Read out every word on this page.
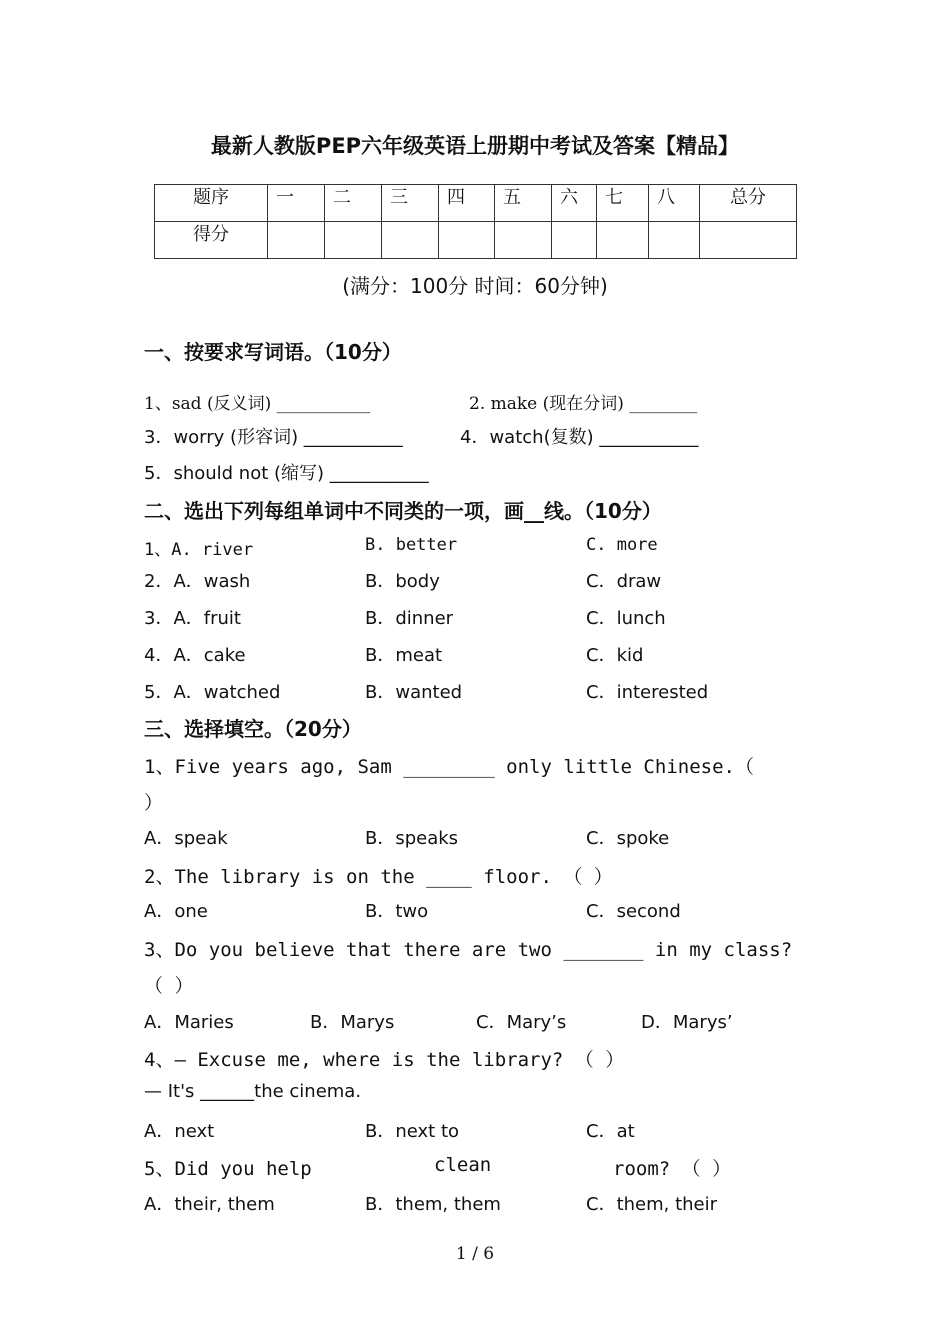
最新人教版PEP六年级英语上册期中考试及答案【精品】
题序	一	二	三	四	五	六	七	八	总分
得分									
(满分：100分 时间：60分钟)
一、按要求写词语。（10分）
1、sad (反义词) ___________	2. make (现在分词) ________
3．worry (形容词) ___________	4．watch(复数) ___________
5．should not (缩写) ___________
二、选出下列每组单词中不同类的一项，画__线。（10分）
1、A. river	B. better	C. more
2．A．wash	B．body	C．draw
3．A．fruit	B．dinner	C．lunch
4．A．cake	B．meat	C．kid
5．A．watched	B．wanted	C．interested
三、选择填空。（20分）
1、Five years ago, Sam ________ only little Chinese.（
）
A．speak	B．speaks	C．spoke
2、The library is on the ____ floor. （ ）
A．one	B．two	C．second
3、Do you believe that there are two _______ in my class?
（ ）
A．Maries	B．Marys	C．Mary’s	D．Marys’
4、— Excuse me, where is the library? （ ）
— It's ______the cinema.
A．next	B．next to	C．at
5、Did you help	clean	room? （ ）
A．their, them	B．them, them	C．them, their
1 / 6
